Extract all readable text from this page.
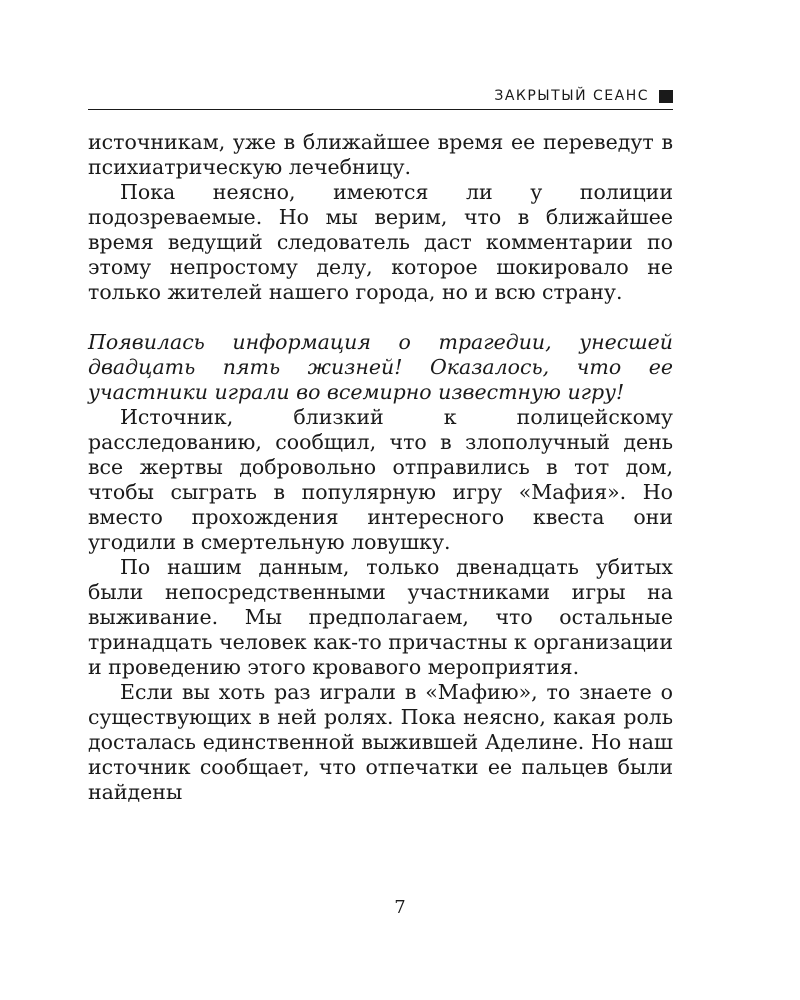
ЗАКРЫТЫЙ СЕАНС

источникам, уже в ближайшее время ее переведут в психиатрическую лечебницу.

Пока неясно, имеются ли у полиции подозреваемые. Но мы верим, что в ближайшее время ведущий следователь даст комментарии по этому непростому делу, которое шокировало не только жителей нашего города, но и всю страну.

Появилась информация о трагедии, унесшей двадцать пять жизней! Оказалось, что ее участники играли во всемирно известную игру!

Источник, близкий к полицейскому расследованию, сообщил, что в злополучный день все жертвы добровольно отправились в тот дом, чтобы сыграть в популярную игру «Мафия». Но вместо прохождения интересного квеста они угодили в смертельную ловушку.

По нашим данным, только двенадцать убитых были непосредственными участниками игры на выживание. Мы предполагаем, что остальные тринадцать человек как-то причастны к организации и проведению этого кровавого мероприятия.

Если вы хоть раз играли в «Мафию», то знаете о существующих в ней ролях. Пока неясно, какая роль досталась единственной выжившей Аделине. Но наш источник сообщает, что отпечатки ее пальцев были найдены

7
